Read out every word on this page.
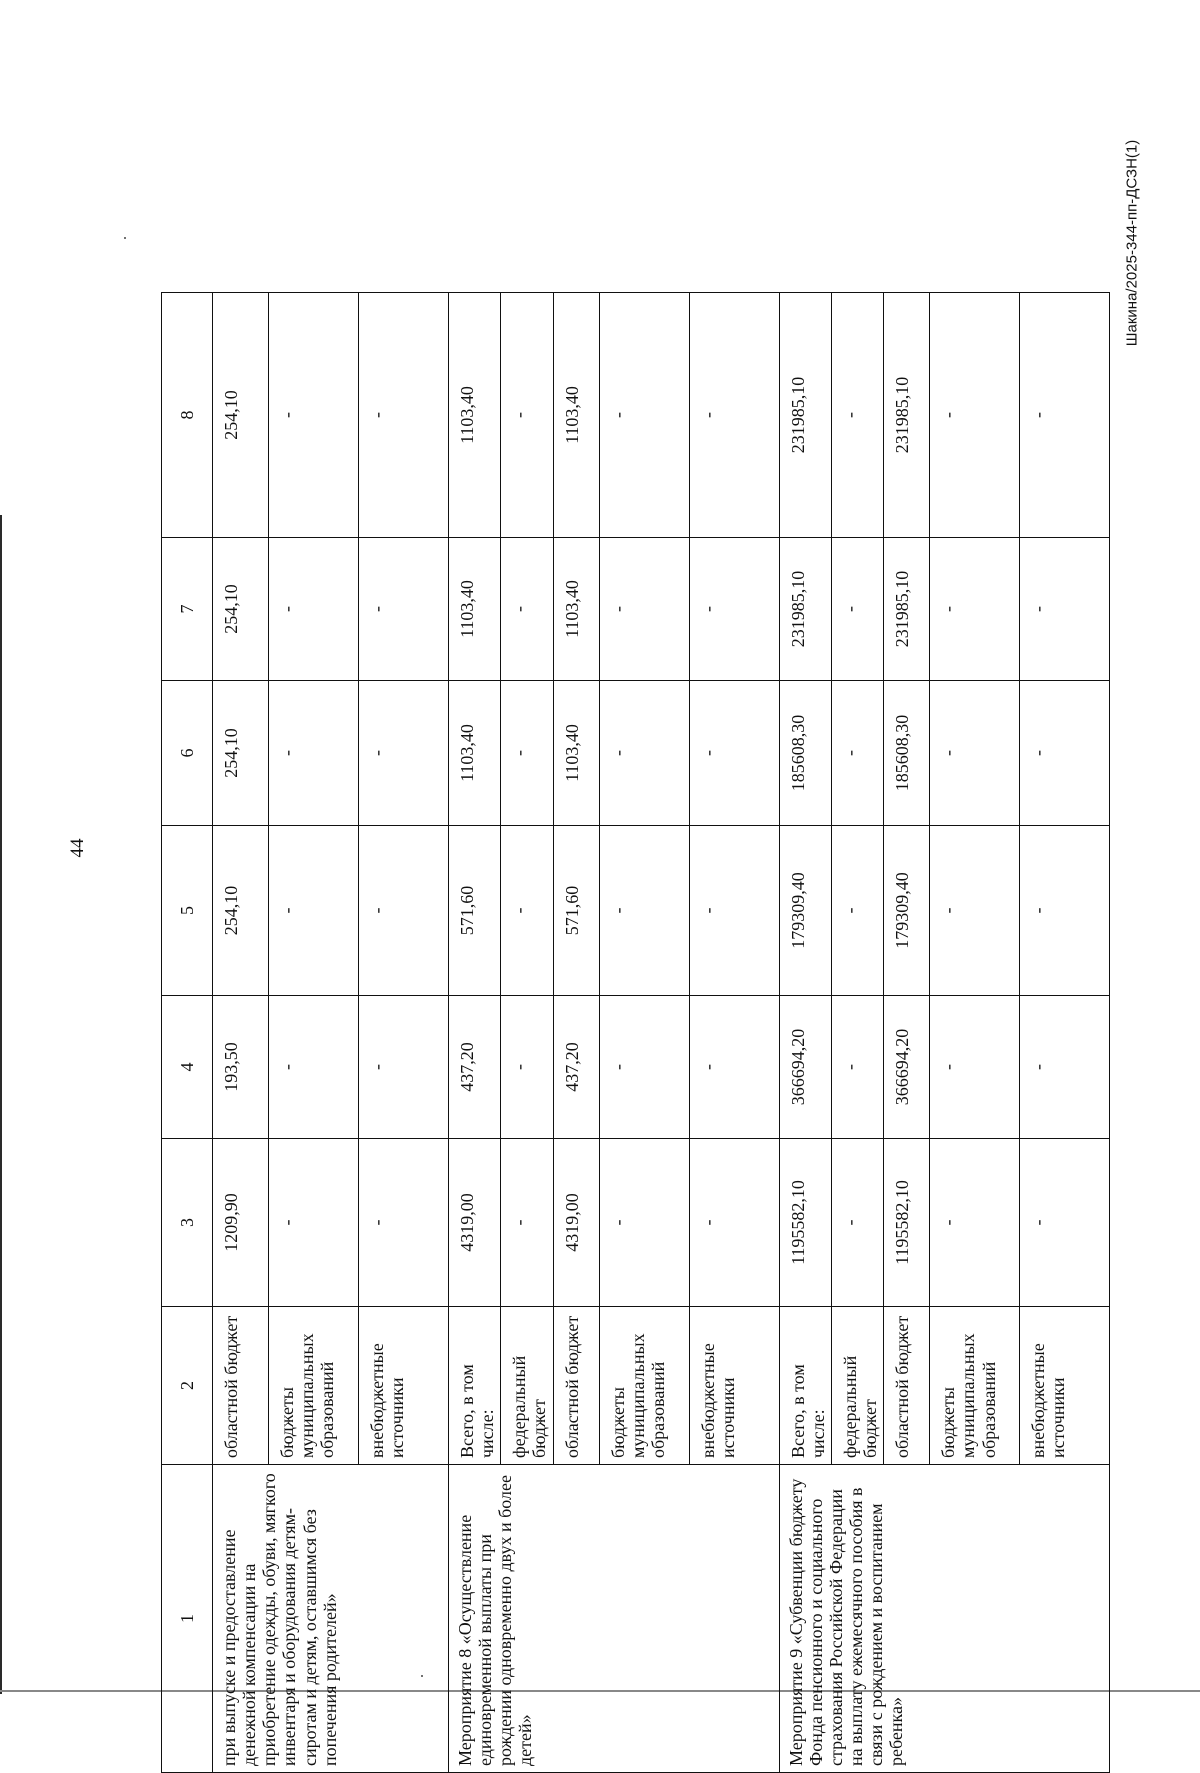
44
Шакина/2025-344-пп-ДСЗН(1)
1	2	3	4	5	6	7	8
при выпуске и предоставление денежной компенсации на приобретение одежды, обуви, мягкого инвентаря и оборудования детям-сиротам и детям, оставшимся без попечения родителей»	областной бюджет	1209,90	193,50	254,10	254,10	254,10	254,10
	бюджеты муниципальных образований	-	-	-	-	-	-
	внебюджетные источники	-	-	-	-	-	-
Мероприятие 8 «Осуществление единовременной выплаты при рождении одновременно двух и более детей»	Всего, в том числе:	4319,00	437,20	571,60	1103,40	1103,40	1103,40
	федеральный бюджет	-	-	-	-	-	-
	областной бюджет	4319,00	437,20	571,60	1103,40	1103,40	1103,40
	бюджеты муниципальных образований	-	-	-	-	-	-
	внебюджетные источники	-	-	-	-	-	-
Мероприятие 9 «Субвенции бюджету Фонда пенсионного и социального страхования Российской Федерации на выплату ежемесячного пособия в связи с рождением и воспитанием ребенка»	Всего, в том числе:	1195582,10	366694,20	179309,40	185608,30	231985,10	231985,10
	федеральный бюджет	-	-	-	-	-	-
	областной бюджет	1195582,10	366694,20	179309,40	185608,30	231985,10	231985,10
	бюджеты муниципальных образований	-	-	-	-	-	-
	внебюджетные источники	-	-	-	-	-	-
